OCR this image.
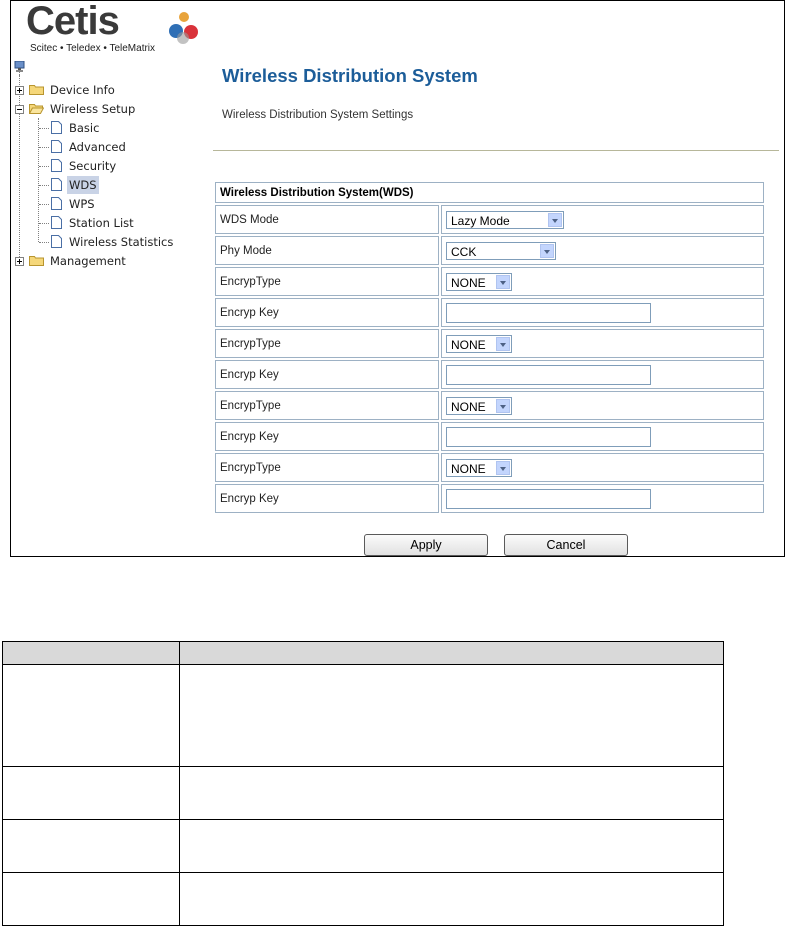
Cetis
Scitec • Teledex • TeleMatrix
Device Info
Wireless Setup
Basic
Advanced
Security
WDS
WPS
Station List
Wireless Statistics
Management
Wireless Distribution System
Wireless Distribution System Settings
Wireless Distribution System(WDS)	
WDS Mode	Lazy Mode

Phy Mode	CCK

EncrypType	NONE

Encryp Key	
EncrypType	NONE

Encryp Key	
EncrypType	NONE

Encryp Key	
EncrypType	NONE

Encryp Key	
Apply	Cancel
